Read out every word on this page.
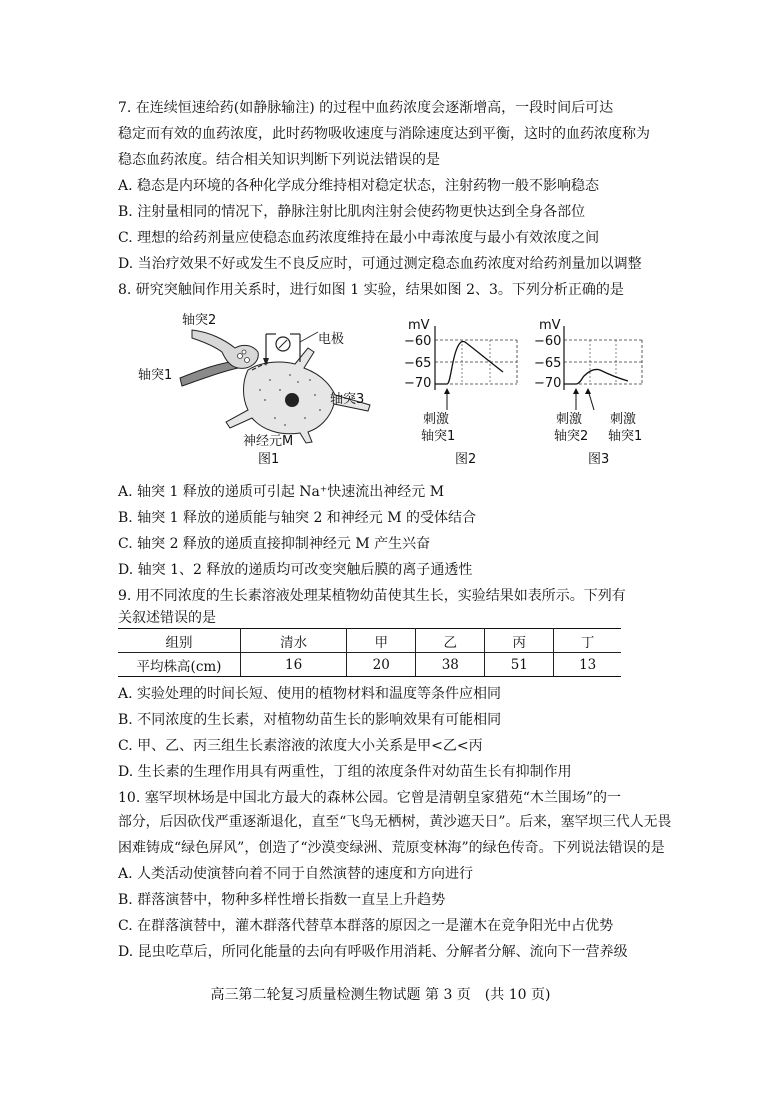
7. 在连续恒速给药(如静脉输注) 的过程中血药浓度会逐渐增高，一段时间后可达
稳定而有效的血药浓度，此时药物吸收速度与消除速度达到平衡，这时的血药浓度称为
稳态血药浓度。结合相关知识判断下列说法错误的是
A. 稳态是内环境的各种化学成分维持相对稳定状态，注射药物一般不影响稳态
B. 注射量相同的情况下，静脉注射比肌肉注射会使药物更快达到全身各部位
C. 理想的给药剂量应使稳态血药浓度维持在最小中毒浓度与最小有效浓度之间
D. 当治疗效果不好或发生不良反应时，可通过测定稳态血药浓度对给药剂量加以调整
8. 研究突触间作用关系时，进行如图 1 实验，结果如图 2、3。下列分析正确的是
轴突2
电极
轴突1
轴突3
神经元M
图1
mV
−60
−65
−70
刺激
轴突1
图2
mV
−60
−65
−70
刺激
轴突2
刺激
轴突1
图3
A. 轴突 1 释放的递质可引起 Na⁺快速流出神经元 M
B. 轴突 1 释放的递质能与轴突 2 和神经元 M 的受体结合
C. 轴突 2 释放的递质直接抑制神经元 M 产生兴奋
D. 轴突 1、2 释放的递质均可改变突触后膜的离子通透性
9. 用不同浓度的生长素溶液处理某植物幼苗使其生长，实验结果如表所示。下列有
关叙述错误的是
组别	清水	甲	乙	丙	丁
平均株高(cm)	16	20	38	51	13
A. 实验处理的时间长短、使用的植物材料和温度等条件应相同
B. 不同浓度的生长素，对植物幼苗生长的影响效果有可能相同
C. 甲、乙、丙三组生长素溶液的浓度大小关系是甲<乙<丙
D. 生长素的生理作用具有两重性，丁组的浓度条件对幼苗生长有抑制作用
10. 塞罕坝林场是中国北方最大的森林公园。它曾是清朝皇家猎苑“木兰围场”的一
部分，后因砍伐严重逐渐退化，直至“飞鸟无栖树，黄沙遮天日”。后来，塞罕坝三代人无畏
困难铸成“绿色屏风”，创造了“沙漠变绿洲、荒原变林海”的绿色传奇。下列说法错误的是
A. 人类活动使演替向着不同于自然演替的速度和方向进行
B. 群落演替中，物种多样性增长指数一直呈上升趋势
C. 在群落演替中，灌木群落代替草本群落的原因之一是灌木在竞争阳光中占优势
D. 昆虫吃草后，所同化能量的去向有呼吸作用消耗、分解者分解、流向下一营养级
高三第二轮复习质量检测生物试题 第 3 页　(共 10 页)
